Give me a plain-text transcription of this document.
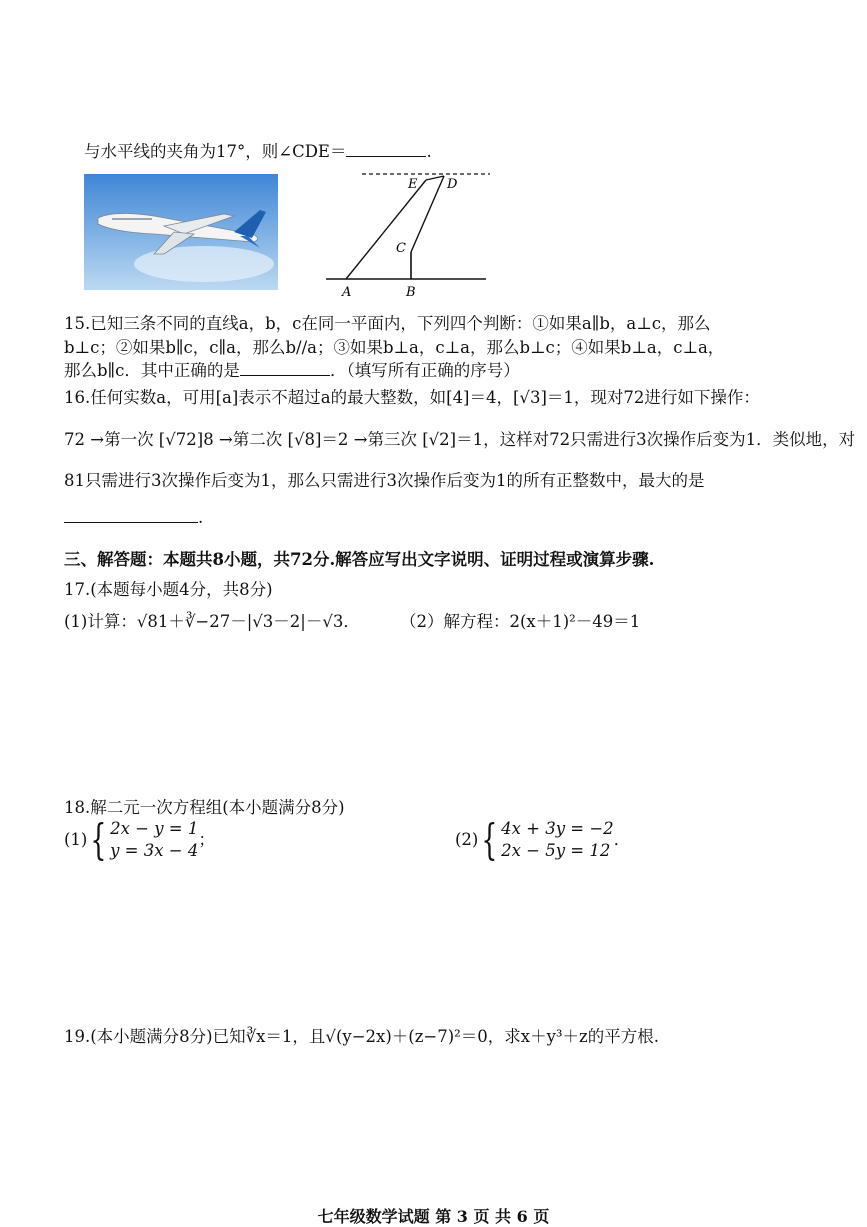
与水平线的夹角为17°，则∠CDE＝	.
E D
C
A	B
15.已知三条不同的直线a，b，c在同一平面内，下列四个判断：①如果a∥b，a⊥c，那么
b⊥c；②如果b∥c，c∥a，那么b//a；③如果b⊥a，c⊥a，那么b⊥c；④如果b⊥a，c⊥a，
那么b∥c．其中正确的是	．（填写所有正确的序号）
16.任何实数a，可用[a]表示不超过a的最大整数，如[4]＝4，[√3]＝1，现对72进行如下操作：
72 →第一次 [√72]8 →第二次 [√8]＝2 →第三次 [√2]＝1，这样对72只需进行3次操作后变为1．类似地，对
81只需进行3次操作后变为1，那么只需进行3次操作后变为1的所有正整数中，最大的是
.
三、解答题：本题共8小题，共72分.解答应写出文字说明、证明过程或演算步骤.
17.(本题每小题4分，共8分)
(1)计算：√81＋∛−27－|√3－2|－√3． （2）解方程：2(x＋1)²－49＝1
18.解二元一次方程组(本小题满分8分)
(1){ 2x − y = 1
y = 3x − 4
；	(2){ 4x + 3y = −2
2x − 5y = 12
．
19.(本小题满分8分)已知∛x＝1，且√(y−2x)＋(z−7)²＝0，求x＋y³＋z的平方根.
七年级数学试题 第 3 页 共 6 页
